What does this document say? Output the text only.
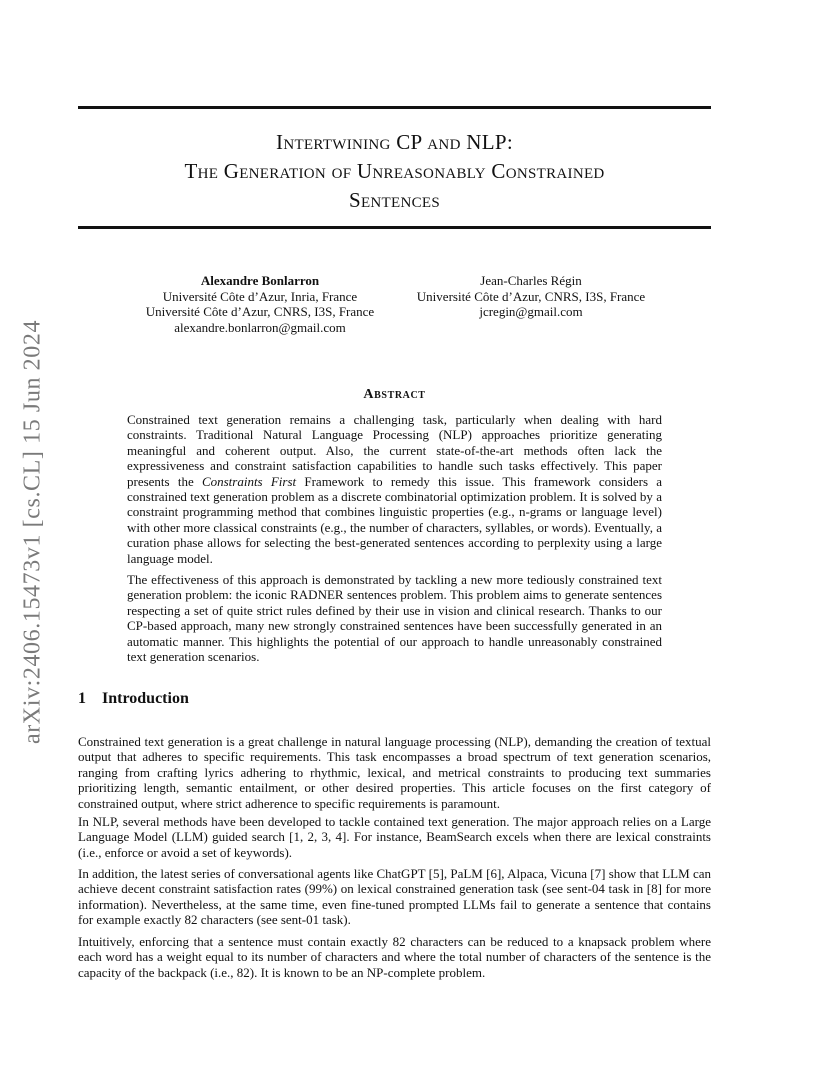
arXiv:2406.15473v1 [cs.CL] 15 Jun 2024
Intertwining CP and NLP:
The Generation of Unreasonably Constrained
Sentences
Alexandre Bonlarron
Université Côte d’Azur, Inria, France
Université Côte d’Azur, CNRS, I3S, France
alexandre.bonlarron@gmail.com
Jean-Charles Régin
Université Côte d’Azur, CNRS, I3S, France
jcregin@gmail.com
Abstract

Constrained text generation remains a challenging task, particularly when dealing with hard constraints. Traditional Natural Language Processing (NLP) approaches prioritize generating meaningful and coherent output. Also, the current state-of-the-art methods often lack the expressiveness and constraint satisfaction capabilities to handle such tasks effectively. This paper presents the Constraints First Framework to remedy this issue. This framework considers a constrained text generation problem as a discrete combinatorial optimization problem. It is solved by a constraint programming method that combines linguistic properties (e.g., n-grams or language level) with other more classical constraints (e.g., the number of characters, syllables, or words). Eventually, a curation phase allows for selecting the best-generated sentences according to perplexity using a large language model.

The effectiveness of this approach is demonstrated by tackling a new more tediously constrained text generation problem: the iconic RADNER sentences problem. This problem aims to generate sentences respecting a set of quite strict rules defined by their use in vision and clinical research. Thanks to our CP-based approach, many new strongly constrained sentences have been successfully generated in an automatic manner. This highlights the potential of our approach to handle unreasonably constrained text generation scenarios.

1 Introduction

Constrained text generation is a great challenge in natural language processing (NLP), demanding the creation of textual output that adheres to specific requirements. This task encompasses a broad spectrum of text generation scenarios, ranging from crafting lyrics adhering to rhythmic, lexical, and metrical constraints to producing text summaries prioritizing length, semantic entailment, or other desired properties. This article focuses on the first category of constrained output, where strict adherence to specific requirements is paramount.

In NLP, several methods have been developed to tackle contained text generation. The major approach relies on a Large Language Model (LLM) guided search [1, 2, 3, 4]. For instance, BeamSearch excels when there are lexical constraints (i.e., enforce or avoid a set of keywords).

In addition, the latest series of conversational agents like ChatGPT [5], PaLM [6], Alpaca, Vicuna [7] show that LLM can achieve decent constraint satisfaction rates (99%) on lexical constrained generation task (see sent-04 task in [8] for more information). Nevertheless, at the same time, even fine-tuned prompted LLMs fail to generate a sentence that contains for example exactly 82 characters (see sent-01 task).

Intuitively, enforcing that a sentence must contain exactly 82 characters can be reduced to a knapsack problem where each word has a weight equal to its number of characters and where the total number of characters of the sentence is the capacity of the backpack (i.e., 82). It is known to be an NP-complete problem.
